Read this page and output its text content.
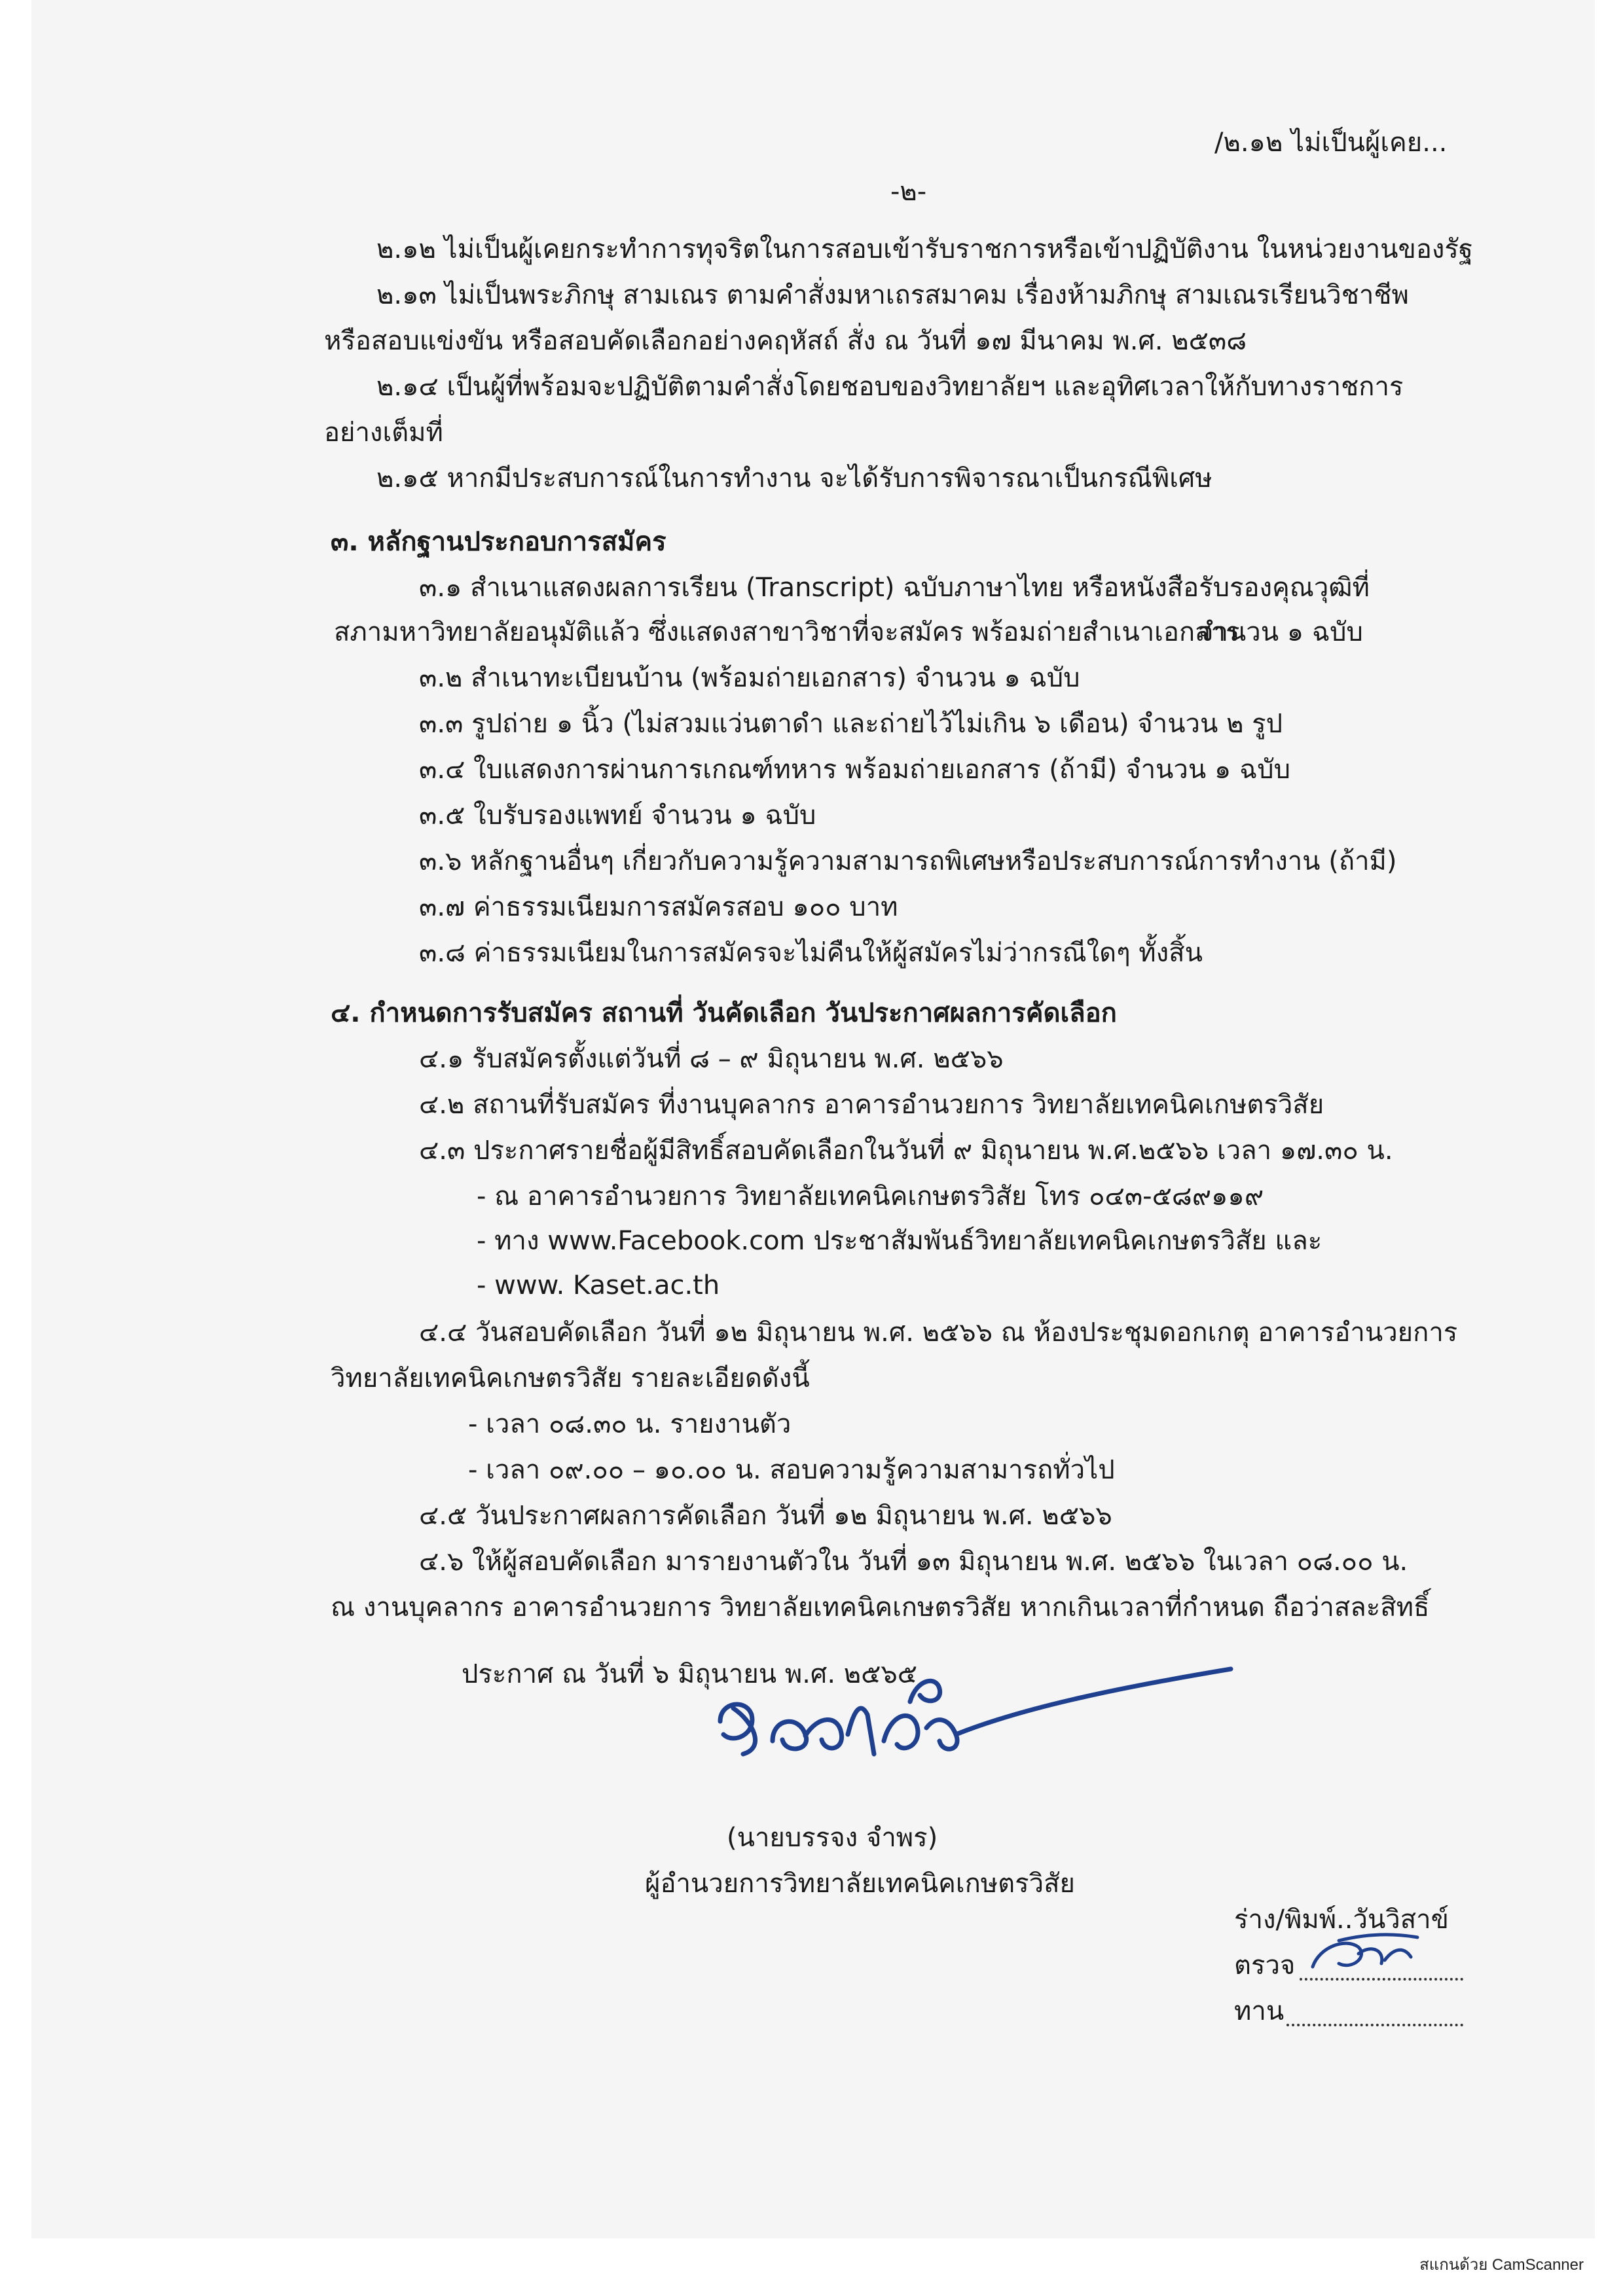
/๒.๑๒ ไม่เป็นผู้เคย...
-๒-
๒.๑๒ ไม่เป็นผู้เคยกระทำการทุจริตในการสอบเข้ารับราชการหรือเข้าปฏิบัติงาน ในหน่วยงานของรัฐ
๒.๑๓ ไม่เป็นพระภิกษุ สามเณร ตามคำสั่งมหาเถรสมาคม เรื่องห้ามภิกษุ สามเณรเรียนวิชาชีพ
หรือสอบแข่งขัน หรือสอบคัดเลือกอย่างคฤหัสถ์ สั่ง ณ วันที่ ๑๗ มีนาคม พ.ศ. ๒๕๓๘
๒.๑๔ เป็นผู้ที่พร้อมจะปฏิบัติตามคำสั่งโดยชอบของวิทยาลัยฯ และอุทิศเวลาให้กับทางราชการ
อย่างเต็มที่
๒.๑๕ หากมีประสบการณ์ในการทำงาน จะได้รับการพิจารณาเป็นกรณีพิเศษ
๓. หลักฐานประกอบการสมัคร
๓.๑ สำเนาแสดงผลการเรียน (Transcript) ฉบับภาษาไทย หรือหนังสือรับรองคุณวุฒิที่
สภามหาวิทยาลัยอนุมัติแล้ว ซึ่งแสดงสาขาวิชาที่จะสมัคร พร้อมถ่ายสำเนาเอกสาร
จำนวน ๑ ฉบับ
๓.๒ สำเนาทะเบียนบ้าน (พร้อมถ่ายเอกสาร) จำนวน ๑ ฉบับ
๓.๓ รูปถ่าย ๑ นิ้ว (ไม่สวมแว่นตาดำ และถ่ายไว้ไม่เกิน ๖ เดือน) จำนวน ๒ รูป
๓.๔ ใบแสดงการผ่านการเกณฑ์ทหาร พร้อมถ่ายเอกสาร (ถ้ามี) จำนวน ๑ ฉบับ
๓.๕ ใบรับรองแพทย์ จำนวน ๑ ฉบับ
๓.๖ หลักฐานอื่นๆ เกี่ยวกับความรู้ความสามารถพิเศษหรือประสบการณ์การทำงาน (ถ้ามี)
๓.๗ ค่าธรรมเนียมการสมัครสอบ ๑๐๐ บาท
๓.๘ ค่าธรรมเนียมในการสมัครจะไม่คืนให้ผู้สมัครไม่ว่ากรณีใดๆ ทั้งสิ้น
๔. กำหนดการรับสมัคร สถานที่ วันคัดเลือก วันประกาศผลการคัดเลือก
๔.๑ รับสมัครตั้งแต่วันที่ ๘ – ๙ มิถุนายน พ.ศ. ๒๕๖๖
๔.๒ สถานที่รับสมัคร ที่งานบุคลากร อาคารอำนวยการ วิทยาลัยเทคนิคเกษตรวิสัย
๔.๓ ประกาศรายชื่อผู้มีสิทธิ์สอบคัดเลือกในวันที่ ๙ มิถุนายน พ.ศ.๒๕๖๖ เวลา ๑๗.๓๐ น.
- ณ อาคารอำนวยการ วิทยาลัยเทคนิคเกษตรวิสัย โทร ๐๔๓-๕๘๙๑๑๙
- ทาง www.Facebook.com ประชาสัมพันธ์วิทยาลัยเทคนิคเกษตรวิสัย และ
- www. Kaset.ac.th
๔.๔ วันสอบคัดเลือก วันที่ ๑๒ มิถุนายน พ.ศ. ๒๕๖๖ ณ ห้องประชุมดอกเกตุ อาคารอำนวยการ
วิทยาลัยเทคนิคเกษตรวิสัย รายละเอียดดังนี้
- เวลา ๐๘.๓๐ น. รายงานตัว
- เวลา ๐๙.๐๐ – ๑๐.๐๐ น. สอบความรู้ความสามารถทั่วไป
๔.๕ วันประกาศผลการคัดเลือก วันที่ ๑๒ มิถุนายน พ.ศ. ๒๕๖๖
๔.๖ ให้ผู้สอบคัดเลือก มารายงานตัวใน วันที่ ๑๓ มิถุนายน พ.ศ. ๒๕๖๖ ในเวลา ๐๘.๐๐ น.
ณ งานบุคลากร อาคารอำนวยการ วิทยาลัยเทคนิคเกษตรวิสัย หากเกินเวลาที่กำหนด ถือว่าสละสิทธิ์
ประกาศ ณ วันที่ ๖ มิถุนายน พ.ศ. ๒๕๖๕
(นายบรรจง จำพร)
ผู้อำนวยการวิทยาลัยเทคนิคเกษตรวิสัย
ร่าง/พิมพ์..วันวิสาข์
ตรวจ
ทาน
สแกนด้วย CamScanner
